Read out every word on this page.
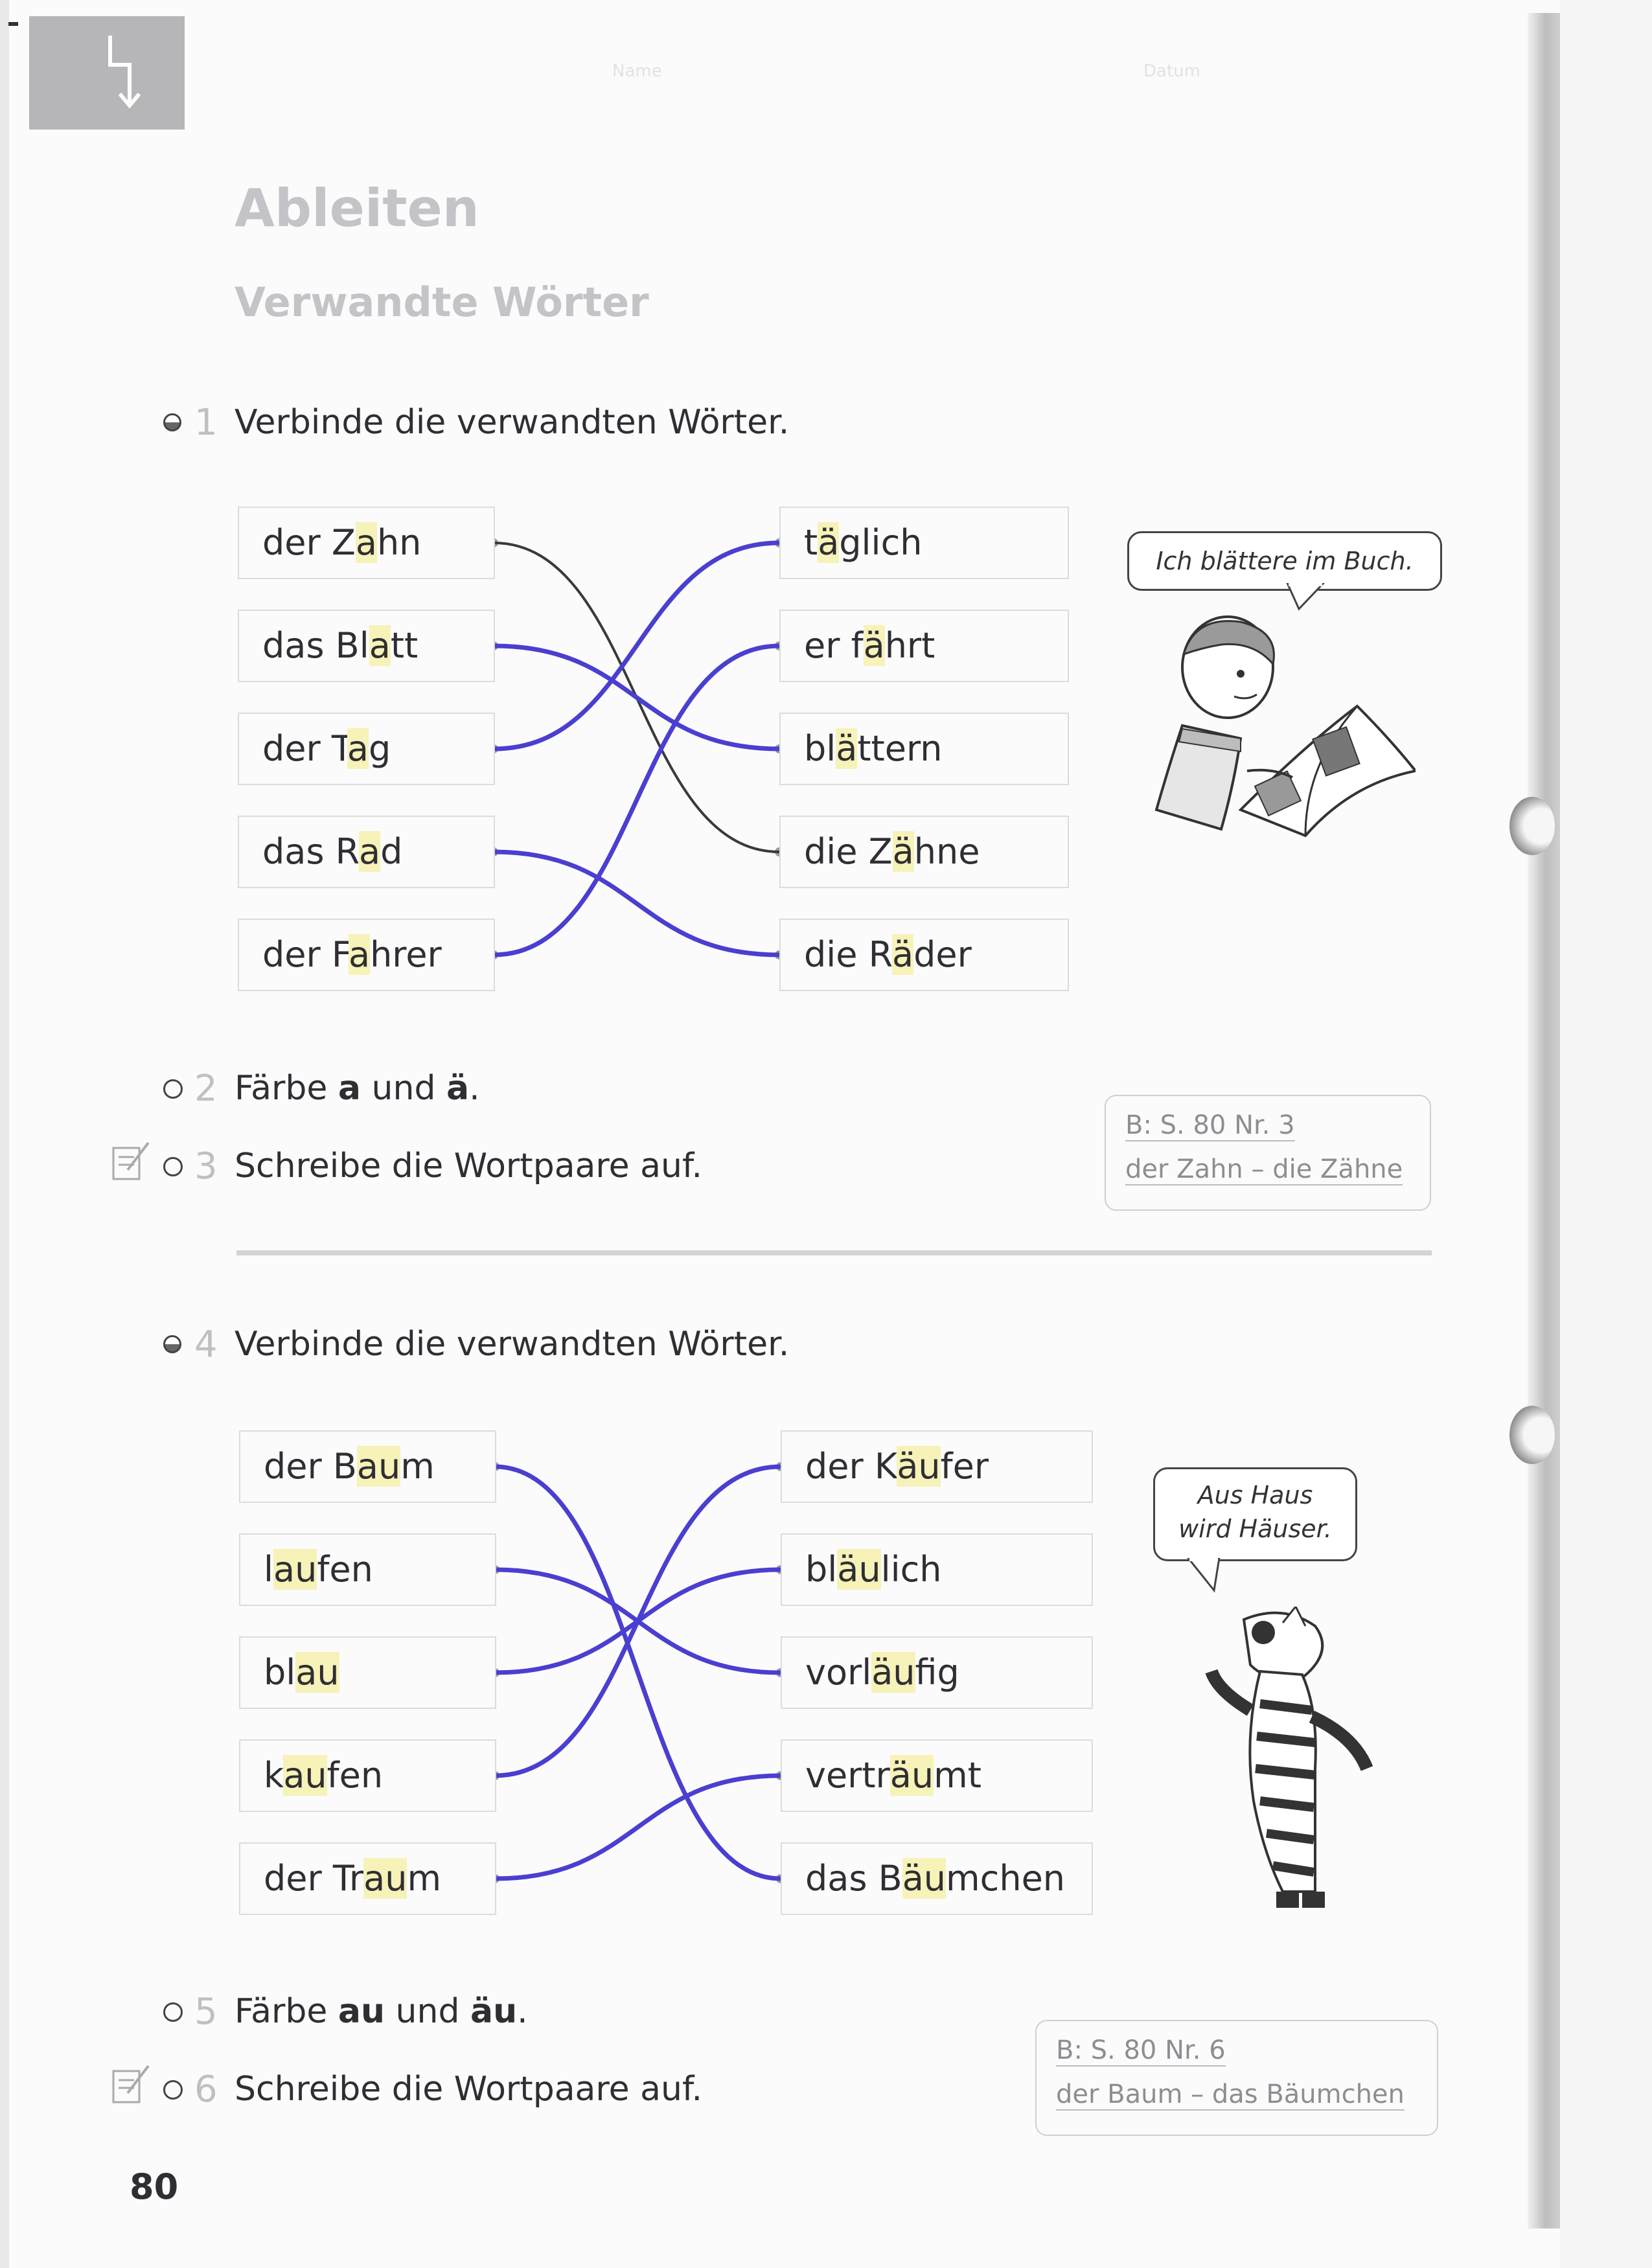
Name	Datum
Ableiten
Verwandte Wörter
1 Verbinde die verwandten Wörter.
Ich blättere im Buch.
2 Färbe a und ä.
3 Schreibe die Wortpaare auf.
B: S. 80 Nr. 3
der Zahn – die Zähne
4 Verbinde die verwandten Wörter.
Aus Haus
wird Häuser.
5 Färbe au und äu.
6 Schreibe die Wortpaare auf.
B: S. 80 Nr. 6
der Baum – das Bäumchen
80
der Zahn
das Blatt
der Tag
das Rad
der Fahrer
täglich
er fährt
blättern
die Zähne
die Räder
der Baum
laufen
blau
kaufen
der Traum
der Käufer
bläulich
vorläufig
verträumt
das Bäumchen
